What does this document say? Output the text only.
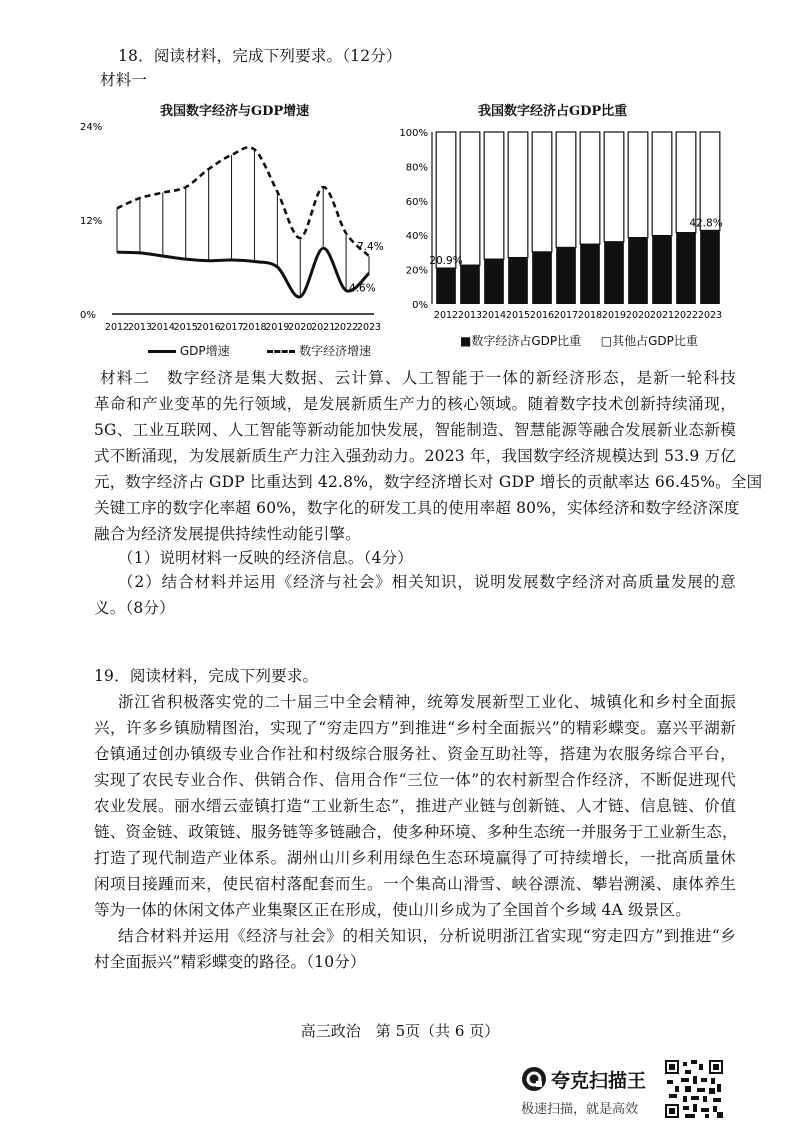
18．阅读材料，完成下列要求。（12分）
材料一
我国数字经济与GDP增速
0%
12%
24%
2012
2013
2014
2015
2016
2017
2018
2019
2020
2021
2022
2023
7.4%
4.6%
GDP增速	数字经济增速
我国数字经济占GDP比重
0%
20%
40%
60%
80%
100%
2012 2013 2014 2015 2016 2017 2018 2019 2020 2021 2022 2023
20.9%
42.8%
■数字经济占GDP比重 □其他占GDP比重
材料二　数字经济是集大数据、云计算、人工智能于一体的新经济形态，是新一轮科技
革命和产业变革的先行领域，是发展新质生产力的核心领域。随着数字技术创新持续涌现，
5G、工业互联网、人工智能等新动能加快发展，智能制造、智慧能源等融合发展新业态新模
式不断涌现，为发展新质生产力注入强劲动力。2023 年，我国数字经济规模达到 53.9 万亿
元，数字经济占 GDP 比重达到 42.8%，数字经济增长对 GDP 增长的贡献率达 66.45%。全国
关键工序的数字化率超 60%，数字化的研发工具的使用率超 80%，实体经济和数字经济深度
融合为经济发展提供持续性动能引擎。
（1）说明材料一反映的经济信息。（4分）
（2）结合材料并运用《经济与社会》相关知识，说明发展数字经济对高质量发展的意
义。（8分）
19．阅读材料，完成下列要求。
浙江省积极落实党的二十届三中全会精神，统筹发展新型工业化、城镇化和乡村全面振
兴，许多乡镇励精图治，实现了“穷走四方”到推进“乡村全面振兴”的精彩蝶变。嘉兴平湖新
仓镇通过创办镇级专业合作社和村级综合服务社、资金互助社等，搭建为农服务综合平台，
实现了农民专业合作、供销合作、信用合作“三位一体”的农村新型合作经济，不断促进现代
农业发展。丽水缙云壶镇打造“工业新生态”，推进产业链与创新链、人才链、信息链、价值
链、资金链、政策链、服务链等多链融合，使多种环境、多种生态统一并服务于工业新生态，
打造了现代制造产业体系。湖州山川乡利用绿色生态环境赢得了可持续增长，一批高质量休
闲项目接踵而来，使民宿村落配套而生。一个集高山滑雪、峡谷漂流、攀岩溯溪、康体养生
等为一体的休闲文体产业集聚区正在形成，使山川乡成为了全国首个乡域 4A 级景区。
结合材料并运用《经济与社会》的相关知识，分析说明浙江省实现“穷走四方”到推进“乡
村全面振兴”精彩蝶变的路径。（10分）
高三政治　第 5页（共 6 页）
夸克扫描王
极速扫描，就是高效
